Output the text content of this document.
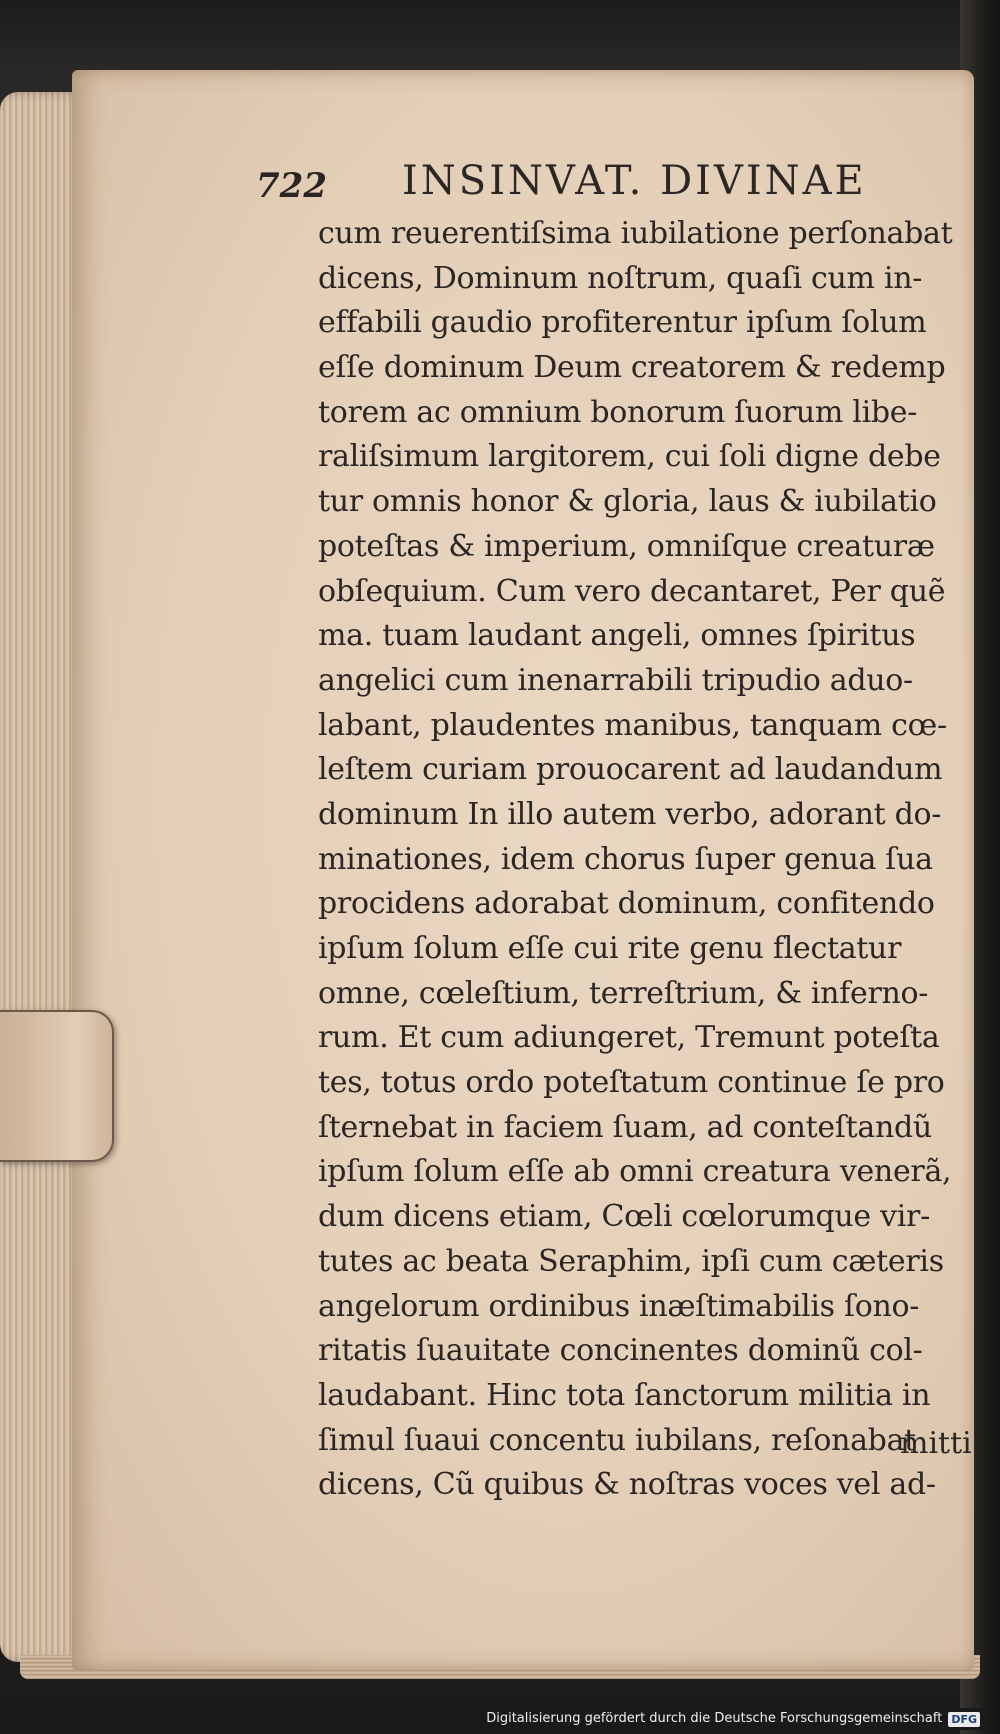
722 INSINVAT. DIVINAE
cum reuerentiſsima iubilatione perſonabat
dicens, Dominum noſtrum, quaſi cum in-
effabili gaudio profiterentur ipſum ſolum
eſſe dominum Deum creatorem & redemp
torem ac omnium bonorum ſuorum libe-
raliſsimum largitorem, cui ſoli digne debe
tur omnis honor & gloria, laus & iubilatio
poteſtas & imperium, omniſque creaturæ
obſequium. Cum vero decantaret, Per quẽ
ma. tuam laudant angeli, omnes ſpiritus
angelici cum inenarrabili tripudio aduo-
labant, plaudentes manibus, tanquam cœ-
leſtem curiam prouocarent ad laudandum
dominum In illo autem verbo, adorant do-
minationes, idem chorus ſuper genua ſua
procidens adorabat dominum, confitendo
ipſum ſolum eſſe cui rite genu flectatur
omne, cœleſtium, terreſtrium, & inferno-
rum. Et cum adiungeret, Tremunt poteſta
tes, totus ordo poteſtatum continue ſe pro
ſternebat in faciem ſuam, ad conteſtandũ
ipſum ſolum eſſe ab omni creatura venerã,
dum dicens etiam, Cœli cœlorumque vir-
tutes ac beata Seraphim, ipſi cum cæteris
angelorum ordinibus inæſtimabilis ſono-
ritatis ſuauitate concinentes dominũ col-
laudabant. Hinc tota ſanctorum militia in
ſimul ſuaui concentu iubilans, reſonabat
dicens, Cũ quibus & noſtras voces vel ad-
mitti
Digitalisierung gefördert durch die Deutsche Forschungsgemeinschaft DFG
